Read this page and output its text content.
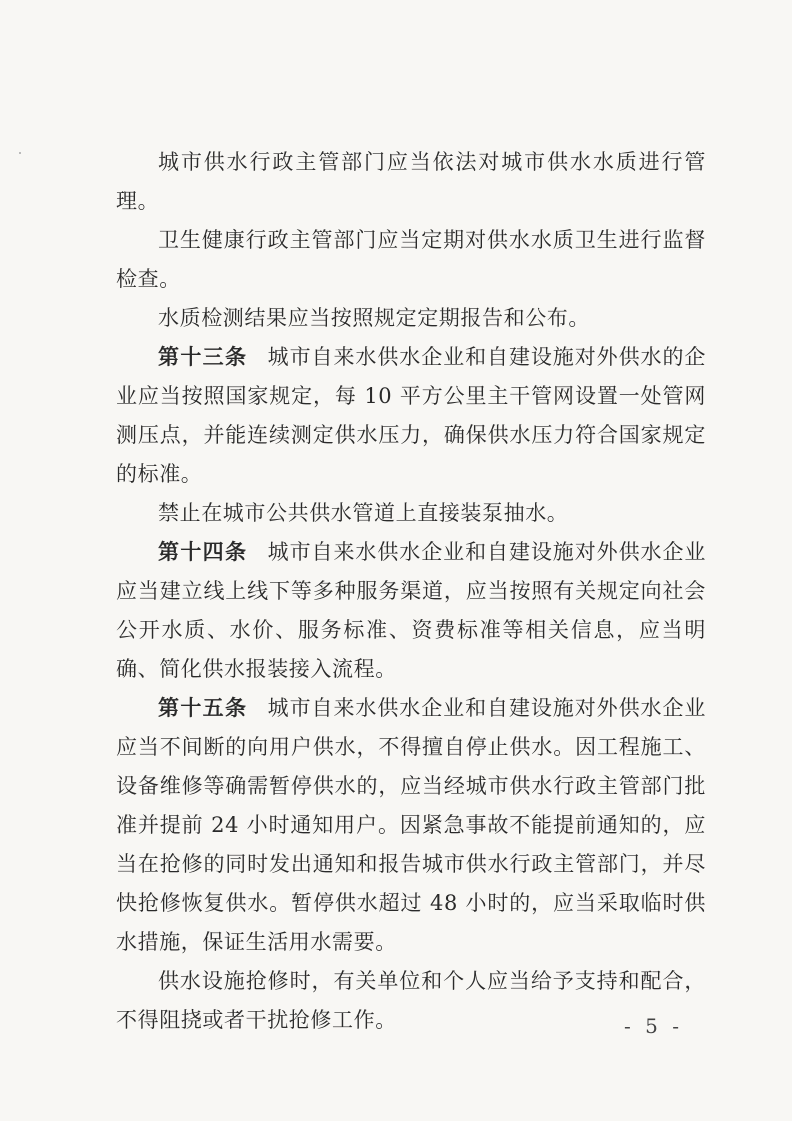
城市供水行政主管部门应当依法对城市供水水质进行管理。

卫生健康行政主管部门应当定期对供水水质卫生进行监督检查。

水质检测结果应当按照规定定期报告和公布。

第十三条 城市自来水供水企业和自建设施对外供水的企业应当按照国家规定，每 10 平方公里主干管网设置一处管网测压点，并能连续测定供水压力，确保供水压力符合国家规定的标准。

禁止在城市公共供水管道上直接装泵抽水。

第十四条 城市自来水供水企业和自建设施对外供水企业应当建立线上线下等多种服务渠道，应当按照有关规定向社会公开水质、水价、服务标准、资费标准等相关信息，应当明确、简化供水报装接入流程。

第十五条 城市自来水供水企业和自建设施对外供水企业应当不间断的向用户供水，不得擅自停止供水。因工程施工、设备维修等确需暂停供水的，应当经城市供水行政主管部门批准并提前 24 小时通知用户。因紧急事故不能提前通知的，应当在抢修的同时发出通知和报告城市供水行政主管部门，并尽快抢修恢复供水。暂停供水超过 48 小时的，应当采取临时供水措施，保证生活用水需要。

供水设施抢修时，有关单位和个人应当给予支持和配合，不得阻挠或者干扰抢修工作。	- 5 -
